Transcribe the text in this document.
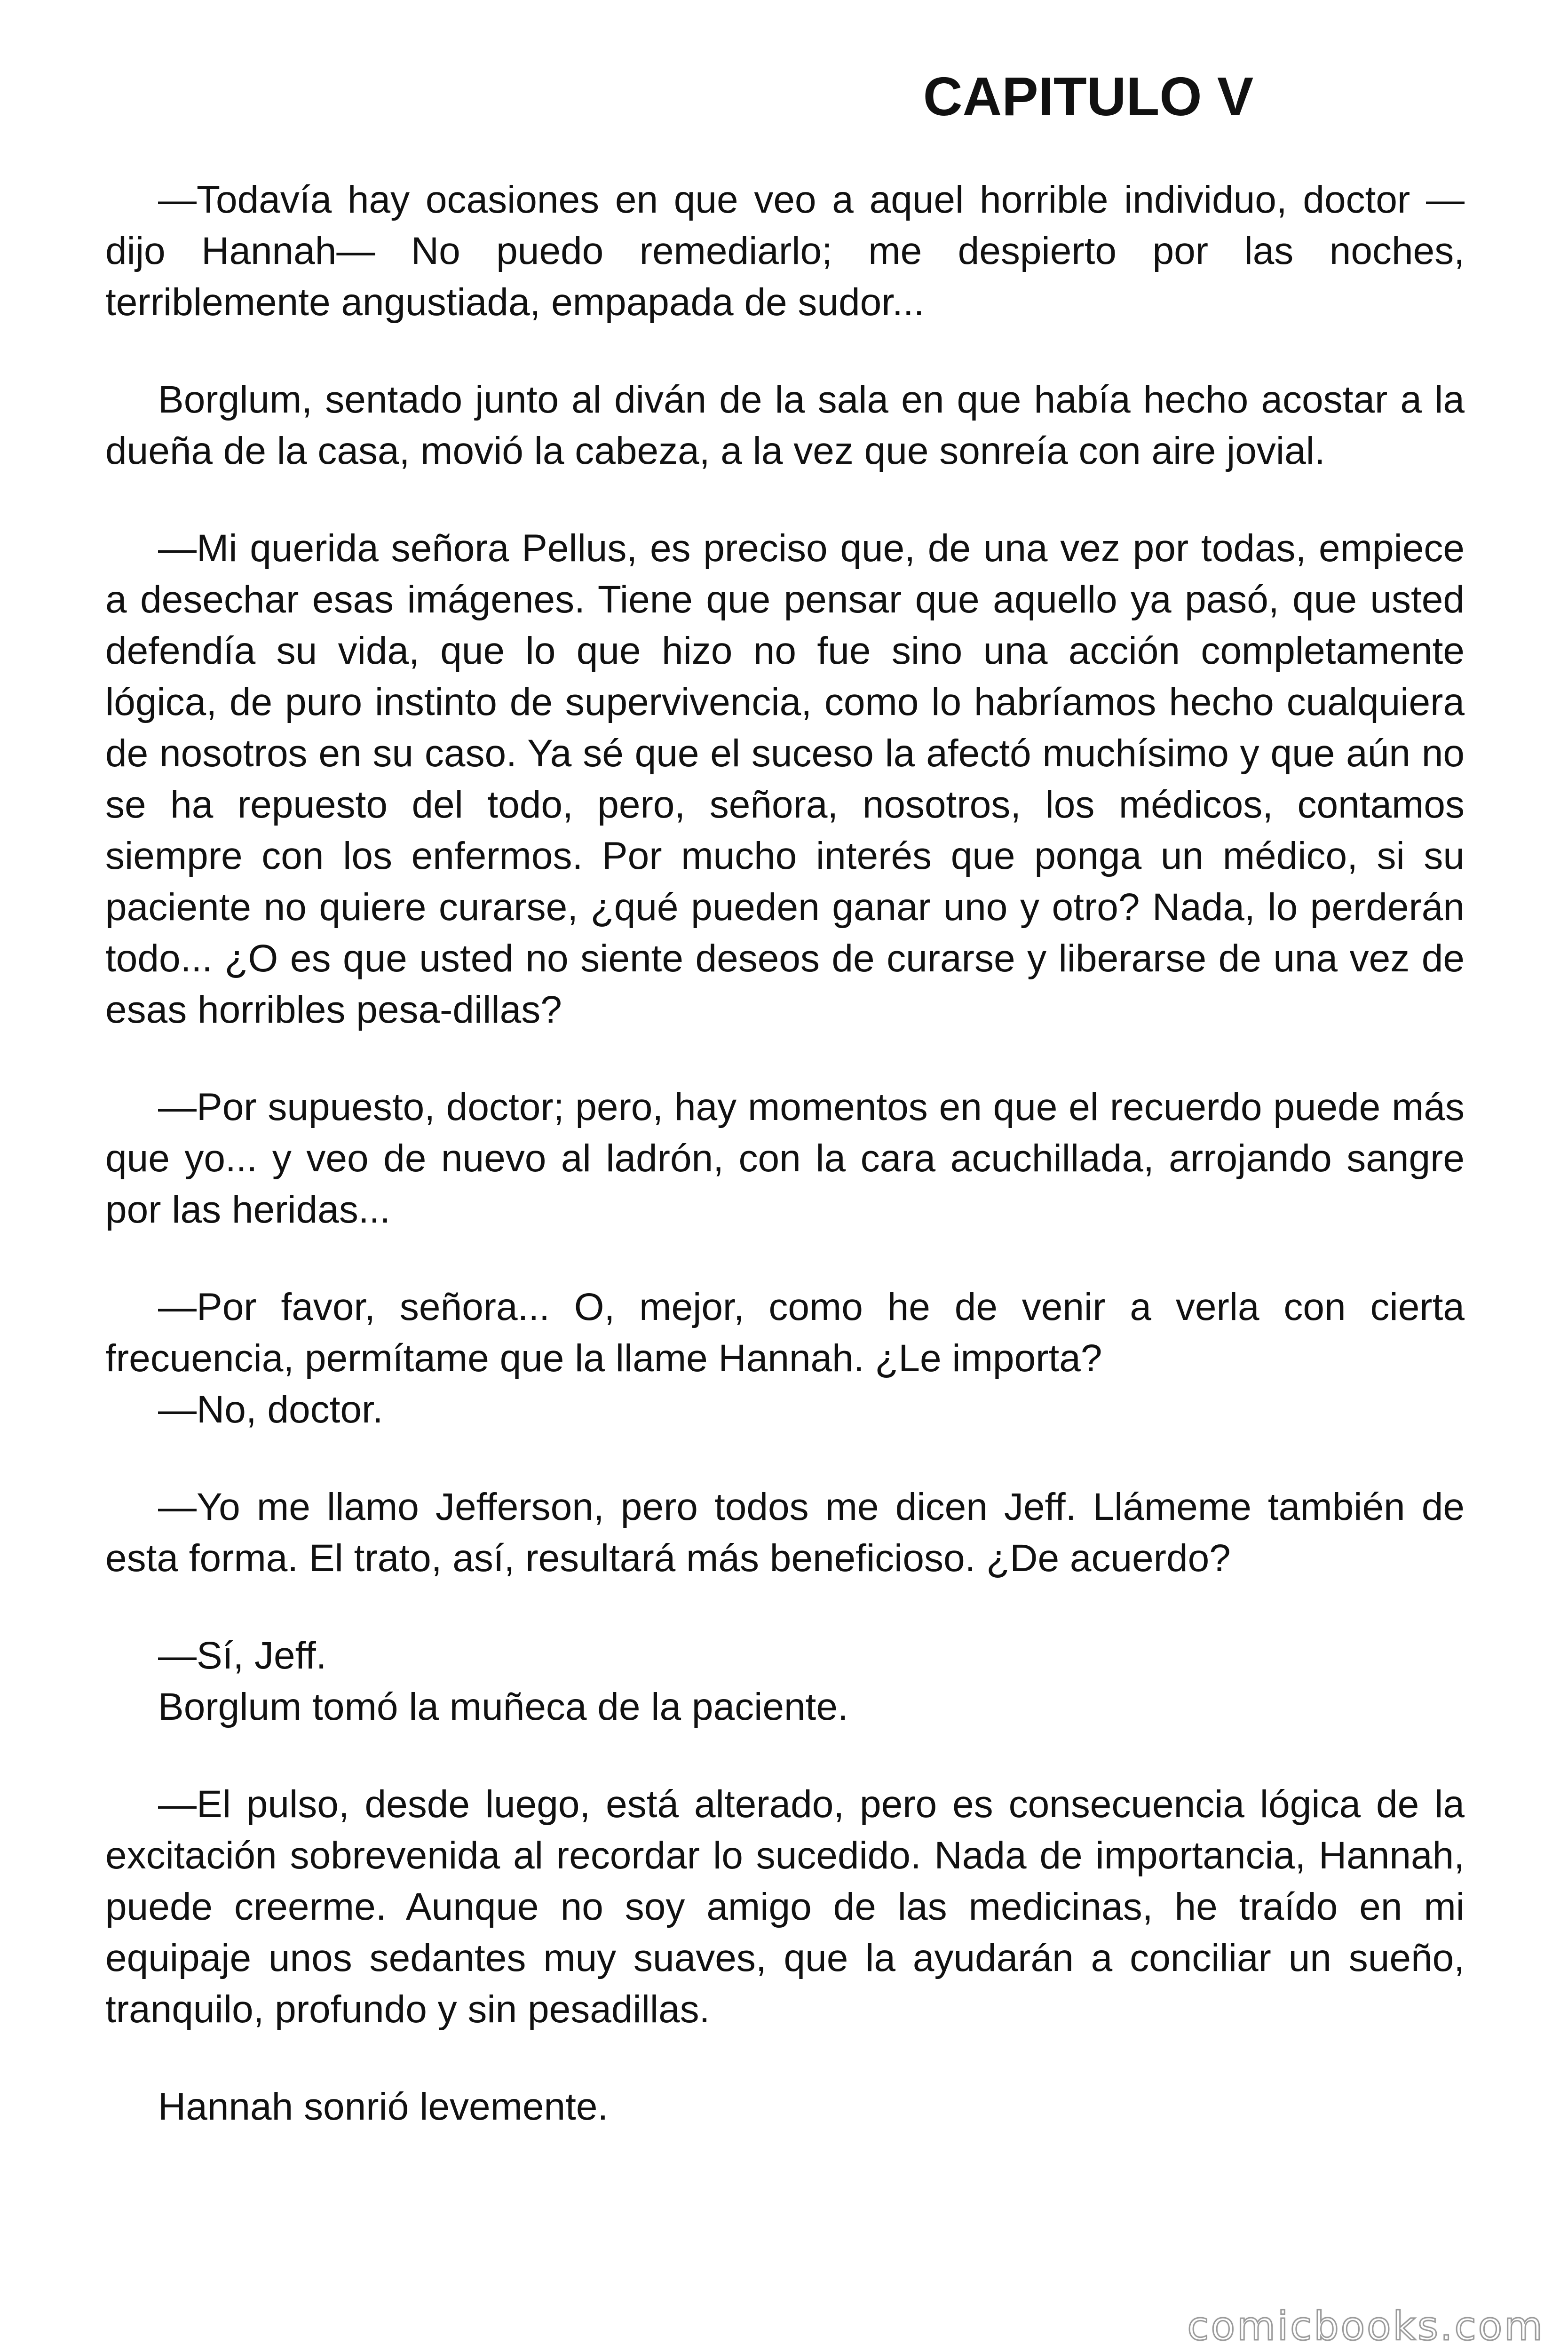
CAPITULO V

—Todavía hay ocasiones en que veo a aquel horrible individuo, doctor —dijo Hannah— No puedo remediarlo; me despierto por las noches, terriblemente angustiada, empapada de sudor...

Borglum, sentado junto al diván de la sala en que había hecho acostar a la dueña de la casa, movió la cabeza, a la vez que sonreía con aire jovial.

—Mi querida señora Pellus, es preciso que, de una vez por todas, empiece a desechar esas imágenes. Tiene que pensar que aquello ya pasó, que usted defendía su vida, que lo que hizo no fue sino una acción completamente lógica, de puro instinto de supervivencia, como lo habríamos hecho cualquiera de nosotros en su caso. Ya sé que el suceso la afectó muchísimo y que aún no se ha repuesto del todo, pero, señora, nosotros, los médicos, contamos siempre con los enfermos. Por mucho interés que ponga un médico, si su paciente no quiere curarse, ¿qué pueden ganar uno y otro? Nada, lo perderán todo... ¿O es que usted no siente deseos de curarse y liberarse de una vez de esas horribles pesa-dillas?

—Por supuesto, doctor; pero, hay momentos en que el recuerdo puede más que yo... y veo de nuevo al ladrón, con la cara acuchillada, arrojando sangre por las heridas...

—Por favor, señora... O, mejor, como he de venir a verla con cierta frecuencia, permítame que la llame Hannah. ¿Le importa?

—No, doctor.

—Yo me llamo Jefferson, pero todos me dicen Jeff. Llámeme también de esta forma. El trato, así, resultará más beneficioso. ¿De acuerdo?

—Sí, Jeff.

Borglum tomó la muñeca de la paciente.

—El pulso, desde luego, está alterado, pero es consecuencia lógica de la excitación sobrevenida al recordar lo sucedido. Nada de importancia, Hannah, puede creerme. Aunque no soy amigo de las medicinas, he traído en mi equipaje unos sedantes muy suaves, que la ayudarán a conciliar un sueño, tranquilo, profundo y sin pesadillas.

Hannah sonrió levemente.

comicbooks.com
